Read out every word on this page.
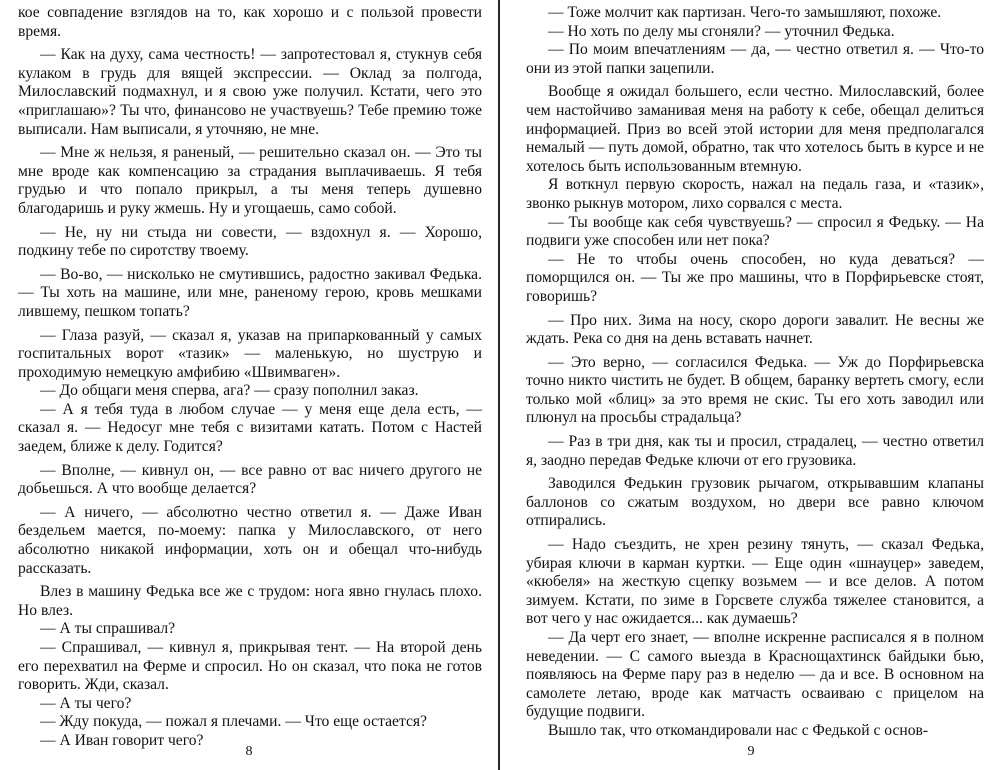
кое совпадение взглядов на то, как хорошо и с пользой провести время.

— Как на духу, сама честность! — запротестовал я, стукнув себя кулаком в грудь для вящей экспрессии. — Оклад за полгода, Милославский подмахнул, и я свою уже получил. Кстати, чего это «приглашаю»? Ты что, финансово не участвуешь? Тебе премию тоже выписали. Нам выписали, я уточняю, не мне.

— Мне ж нельзя, я раненый, — решительно сказал он. — Это ты мне вроде как компенсацию за страдания выплачиваешь. Я тебя грудью и что попало прикрыл, а ты меня теперь душевно благодаришь и руку жмешь. Ну и угощаешь, само собой.

— Не, ну ни стыда ни совести, — вздохнул я. — Хорошо, подкину тебе по сиротству твоему.

— Во-во, — нисколько не смутившись, радостно закивал Федька. — Ты хоть на машине, или мне, раненому герою, кровь мешками лившему, пешком топать?

— Глаза разуй, — сказал я, указав на припаркованный у самых госпитальных ворот «тазик» — маленькую, но шуструю и проходимую немецкую амфибию «Швимваген».

— До общаги меня сперва, ага? — сразу пополнил заказ.

— А я тебя туда в любом случае — у меня еще дела есть, — сказал я. — Недосуг мне тебя с визитами катать. Потом с Настей заедем, ближе к делу. Годится?

— Вполне, — кивнул он, — все равно от вас ничего другого не добьешься. А что вообще делается?

— А ничего, — абсолютно честно ответил я. — Даже Иван бездельем мается, по-моему: папка у Милославского, от него абсолютно никакой информации, хоть он и обещал что-нибудь рассказать.

Влез в машину Федька все же с трудом: нога явно гнулась плохо. Но влез.

— А ты спрашивал?

— Спрашивал, — кивнул я, прикрывая тент. — На второй день его перехватил на Ферме и спросил. Но он сказал, что пока не готов говорить. Жди, сказал.

— А ты чего?

— Жду покуда, — пожал я плечами. — Что еще остается?

— А Иван говорит чего?

8

— Тоже молчит как партизан. Чего-то замышляют, похоже.

— Но хоть по делу мы сгоняли? — уточнил Федька.

— По моим впечатлениям — да, — честно ответил я. — Что-то они из этой папки зацепили.

Вообще я ожидал большего, если честно. Милославский, более чем настойчиво заманивая меня на работу к себе, обещал делиться информацией. Приз во всей этой истории для меня предполагался немалый — путь домой, обратно, так что хотелось быть в курсе и не хотелось быть использованным втемную.

Я воткнул первую скорость, нажал на педаль газа, и «тазик», звонко рыкнув мотором, лихо сорвался с места.

— Ты вообще как себя чувствуешь? — спросил я Федьку. — На подвиги уже способен или нет пока?

— Не то чтобы очень способен, но куда деваться? — поморщился он. — Ты же про машины, что в Порфирьевске стоят, говоришь?

— Про них. Зима на носу, скоро дороги завалит. Не весны же ждать. Река со дня на день вставать начнет.

— Это верно, — согласился Федька. — Уж до Порфирьевска точно никто чистить не будет. В общем, баранку вертеть смогу, если только мой «блиц» за это время не скис. Ты его хоть заводил или плюнул на просьбы страдальца?

— Раз в три дня, как ты и просил, страдалец, — честно ответил я, заодно передав Федьке ключи от его грузовика.

Заводился Федькин грузовик рычагом, открывавшим клапаны баллонов со сжатым воздухом, но двери все равно ключом отпирались.

— Надо съездить, не хрен резину тянуть, — сказал Федька, убирая ключи в карман куртки. — Еще один «шнауцер» заведем, «кюбеля» на жесткую сцепку возьмем — и все делов. А потом зимуем. Кстати, по зиме в Горсвете служба тяжелее становится, а вот чего у нас ожидается... как думаешь?

— Да черт его знает, — вполне искренне расписался я в полном неведении. — С самого выезда в Краснощахтинск байдыки бью, появляюсь на Ферме пару раз в неделю — да и все. В основном на самолете летаю, вроде как матчасть осваиваю с прицелом на будущие подвиги.

Вышло так, что откомандировали нас с Федькой с основ-

9
